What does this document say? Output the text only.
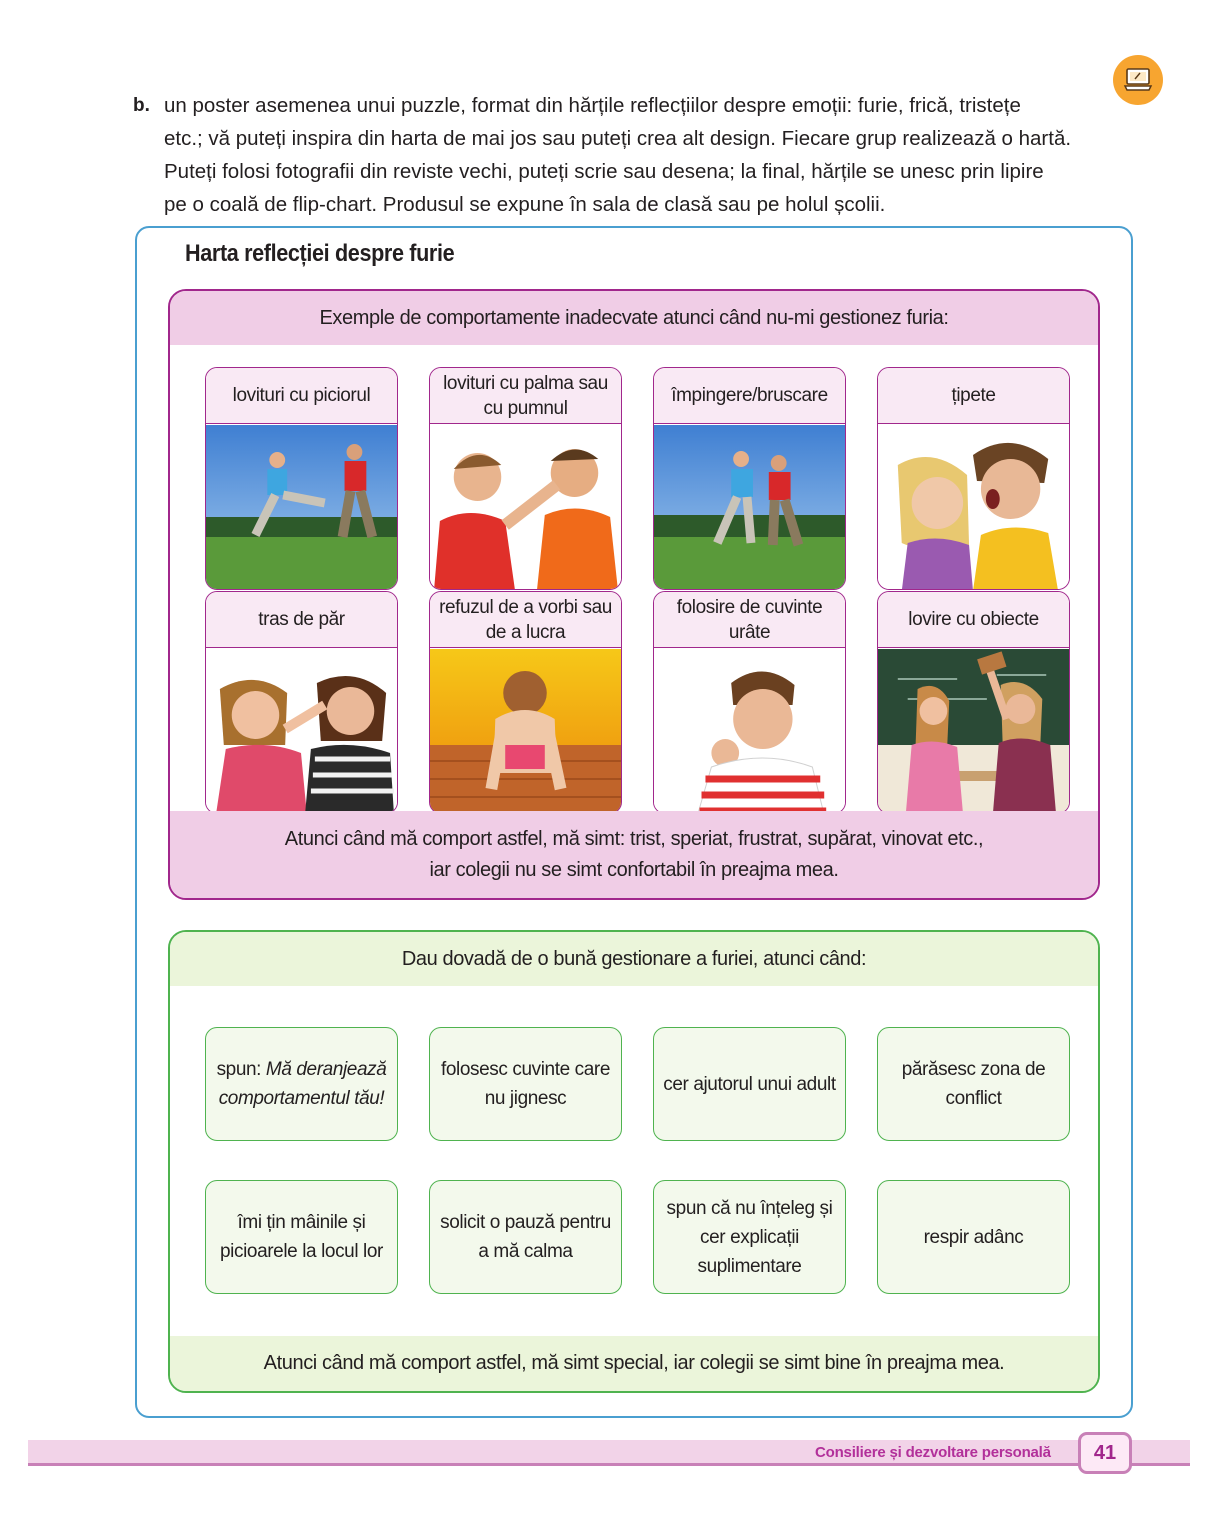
b. un poster asemenea unui puzzle, format din hărțile reflecțiilor despre emoții: furie, frică, tristețe
etc.; vă puteți inspira din harta de mai jos sau puteți crea alt design. Fiecare grup realizează o hartă.
Puteți folosi fotografii din reviste vechi, puteți scrie sau desena; la final, hărțile se unesc prin lipire
pe o coală de flip-chart. Produsul se expune în sala de clasă sau pe holul școlii.
Harta reflecției despre furie
Exemple de comportamente inadecvate atunci când nu-mi gestionez furia:
lovituri cu piciorul
lovituri cu palma sau cu pumnul
împingere/bruscare	țipete
tras de păr
refuzul de a vorbi sau de a lucra
folosire de cuvinte urâte
lovire cu obiecte
Atunci când mă comport astfel, mă simt: trist, speriat, frustrat, supărat, vinovat etc.,
iar colegii nu se simt confortabil în preajma mea.
Dau dovadă de o bună gestionare a furiei, atunci când:
spun: Mă deranjează comportamentul tău!
folosesc cuvinte care nu jignesc
cer ajutorul unui adult
părăsesc zona de conflict
îmi țin mâinile și picioarele la locul lor
solicit o pauză pentru a mă calma
spun că nu înțeleg și cer explicații suplimentare
respir adânc
Atunci când mă comport astfel, mă simt special, iar colegii se simt bine în preajma mea.
Consiliere și dezvoltare personală	41
